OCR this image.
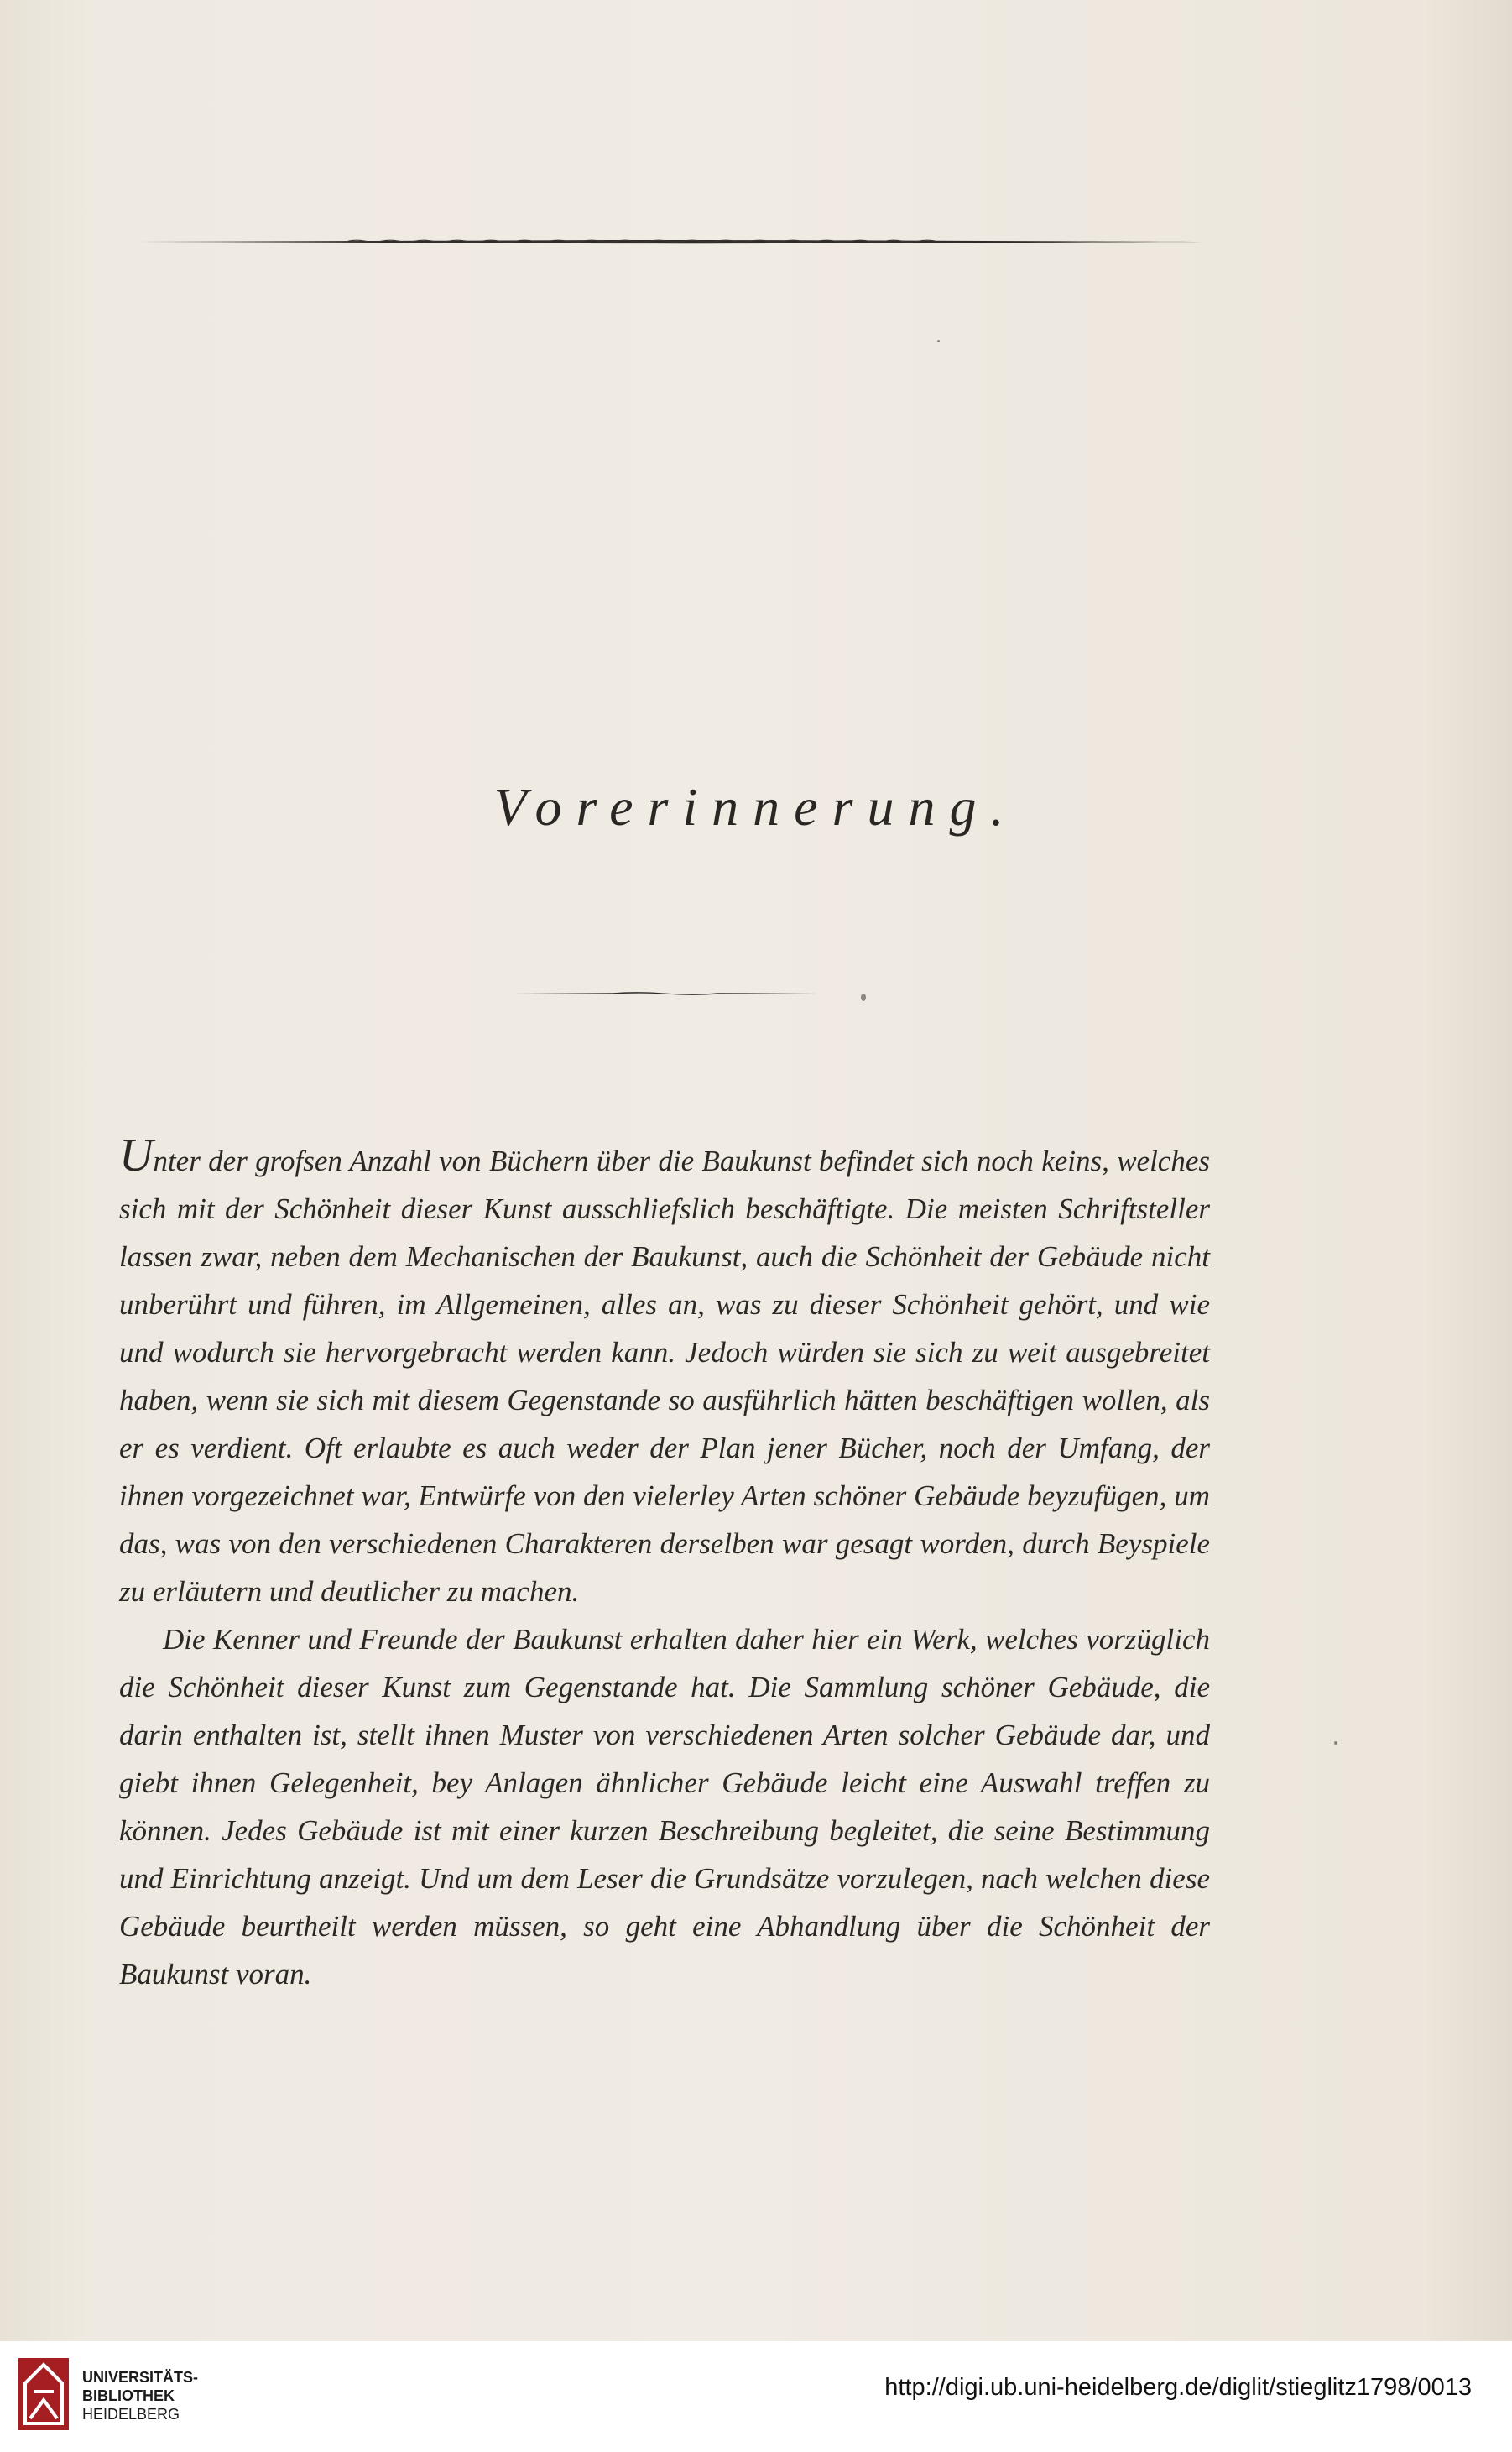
Vorerinnerung.

Unter der grofsen Anzahl von Büchern über die Baukunst befindet sich noch keins, welches sich mit der Schönheit dieser Kunst ausschliefslich beschäftigte. Die meisten Schriftsteller lassen zwar, neben dem Mechanischen der Baukunst, auch die Schönheit der Gebäude nicht unberührt und führen, im Allgemeinen, alles an, was zu dieser Schönheit gehört, und wie und wodurch sie hervorgebracht werden kann. Jedoch würden sie sich zu weit ausgebreitet haben, wenn sie sich mit diesem Gegenstande so ausführlich hätten beschäftigen wollen, als er es verdient. Oft erlaubte es auch weder der Plan jener Bücher, noch der Umfang, der ihnen vorgezeichnet war, Entwürfe von den vielerley Arten schöner Gebäude beyzufügen, um das, was von den verschiedenen Charakteren derselben war gesagt worden, durch Beyspiele zu erläutern und deutlicher zu machen.

Die Kenner und Freunde der Baukunst erhalten daher hier ein Werk, welches vorzüglich die Schönheit dieser Kunst zum Gegenstande hat. Die Sammlung schöner Gebäude, die darin enthalten ist, stellt ihnen Muster von verschiedenen Arten solcher Gebäude dar, und giebt ihnen Gelegenheit, bey Anlagen ähnlicher Gebäude leicht eine Auswahl treffen zu können. Jedes Gebäude ist mit einer kurzen Beschreibung begleitet, die seine Bestimmung und Einrichtung anzeigt. Und um dem Leser die Grundsätze vorzulegen, nach welchen diese Gebäude beurtheilt werden müssen, so geht eine Abhandlung über die Schönheit der Baukunst voran.

UNIVERSITÄTS-
BIBLIOTHEK
HEIDELBERG
http://digi.ub.uni-heidelberg.de/diglit/stieglitz1798/0013
